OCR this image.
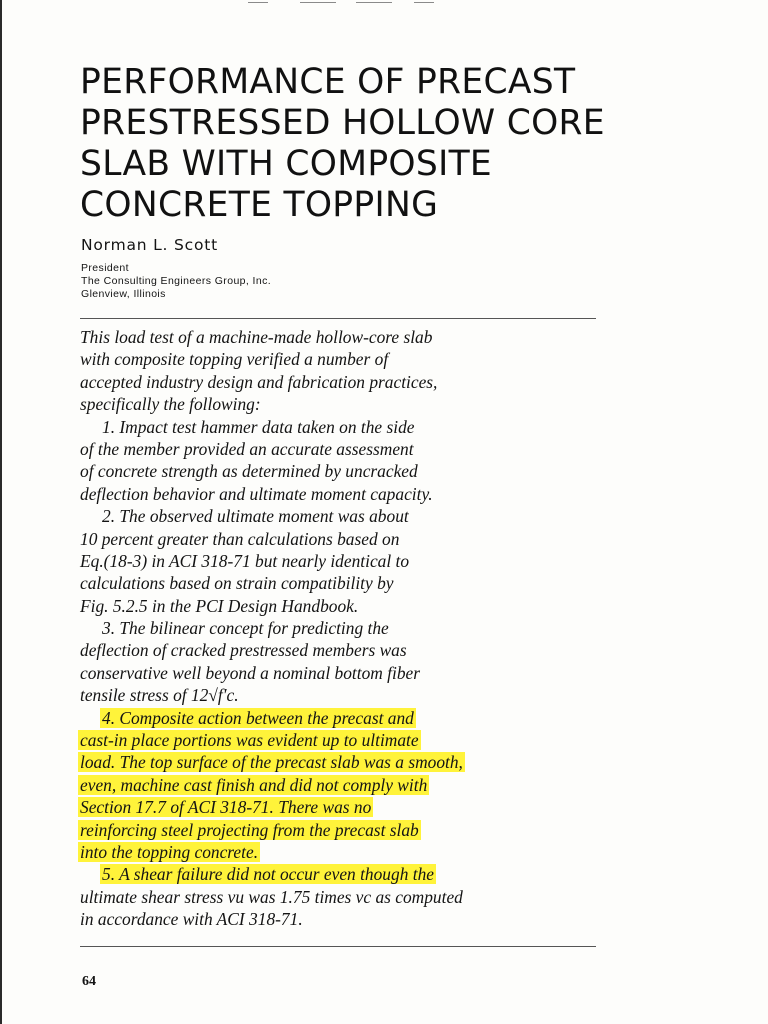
PERFORMANCE OF PRECAST
PRESTRESSED HOLLOW CORE
SLAB WITH COMPOSITE
CONCRETE TOPPING

Norman L. Scott

President
The Consulting Engineers Group, Inc.
Glenview, Illinois
This load test of a machine-made hollow-core slab
with composite topping verified a number of
accepted industry design and fabrication practices,
specifically the following:
1. Impact test hammer data taken on the side
of the member provided an accurate assessment
of concrete strength as determined by uncracked
deflection behavior and ultimate moment capacity.
2. The observed ultimate moment was about
10 percent greater than calculations based on
Eq.(18-3) in ACI 318-71 but nearly identical to
calculations based on strain compatibility by
Fig. 5.2.5 in the PCI Design Handbook.
3. The bilinear concept for predicting the
deflection of cracked prestressed members was
conservative well beyond a nominal bottom fiber
tensile stress of 12√f′c.
4. Composite action between the precast and
cast-in place portions was evident up to ultimate
load. The top surface of the precast slab was a smooth,
even, machine cast finish and did not comply with
Section 17.7 of ACI 318-71. There was no
reinforcing steel projecting from the precast slab
into the topping concrete.
5. A shear failure did not occur even though the
ultimate shear stress vu was 1.75 times vc as computed
in accordance with ACI 318-71.
64
